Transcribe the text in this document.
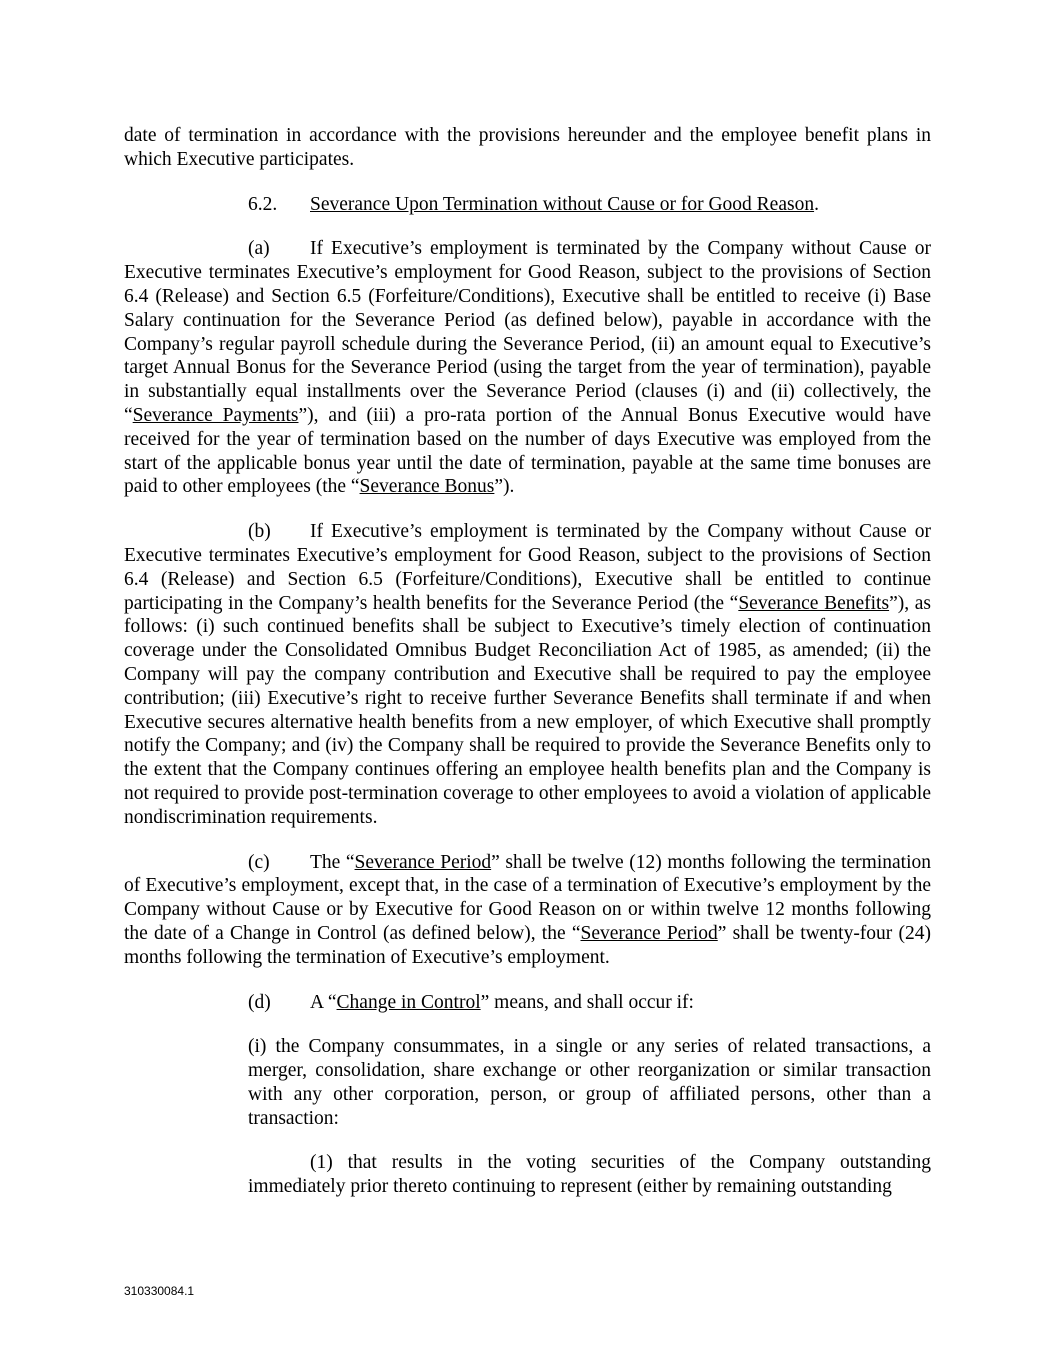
date of termination in accordance with the provisions hereunder and the employee benefit plans in which Executive participates.

6.2. Severance Upon Termination without Cause or for Good Reason.

(a) If Executive’s employment is terminated by the Company without Cause or Executive terminates Executive’s employment for Good Reason, subject to the provisions of Section 6.4 (Release) and Section 6.5 (Forfeiture/Conditions), Executive shall be entitled to receive (i) Base Salary continuation for the Severance Period (as defined below), payable in accordance with the Company’s regular payroll schedule during the Severance Period, (ii) an amount equal to Executive’s target Annual Bonus for the Severance Period (using the target from the year of termination), payable in substantially equal installments over the Severance Period (clauses (i) and (ii) collectively, the “Severance Payments”), and (iii) a pro-rata portion of the Annual Bonus Executive would have received for the year of termination based on the number of days Executive was employed from the start of the applicable bonus year until the date of termination, payable at the same time bonuses are paid to other employees (the “Severance Bonus”).

(b) If Executive’s employment is terminated by the Company without Cause or Executive terminates Executive’s employment for Good Reason, subject to the provisions of Section 6.4 (Release) and Section 6.5 (Forfeiture/Conditions), Executive shall be entitled to continue participating in the Company’s health benefits for the Severance Period (the “Severance Benefits”), as follows: (i) such continued benefits shall be subject to Executive’s timely election of continuation coverage under the Consolidated Omnibus Budget Reconciliation Act of 1985, as amended; (ii) the Company will pay the company contribution and Executive shall be required to pay the employee contribution; (iii) Executive’s right to receive further Severance Benefits shall terminate if and when Executive secures alternative health benefits from a new employer, of which Executive shall promptly notify the Company; and (iv) the Company shall be required to provide the Severance Benefits only to the extent that the Company continues offering an employee health benefits plan and the Company is not required to provide post-termination coverage to other employees to avoid a violation of applicable nondiscrimination requirements.

(c) The “Severance Period” shall be twelve (12) months following the termination of Executive’s employment, except that, in the case of a termination of Executive’s employment by the Company without Cause or by Executive for Good Reason on or within twelve 12 months following the date of a Change in Control (as defined below), the “Severance Period” shall be twenty-four (24) months following the termination of Executive’s employment.

(d) A “Change in Control” means, and shall occur if:

(i) the Company consummates, in a single or any series of related transactions, a merger, consolidation, share exchange or other reorganization or similar transaction with any other corporation, person, or group of affiliated persons, other than a transaction:

(1) that results in the voting securities of the Company outstanding immediately prior thereto continuing to represent (either by remaining outstanding

310330084.1
